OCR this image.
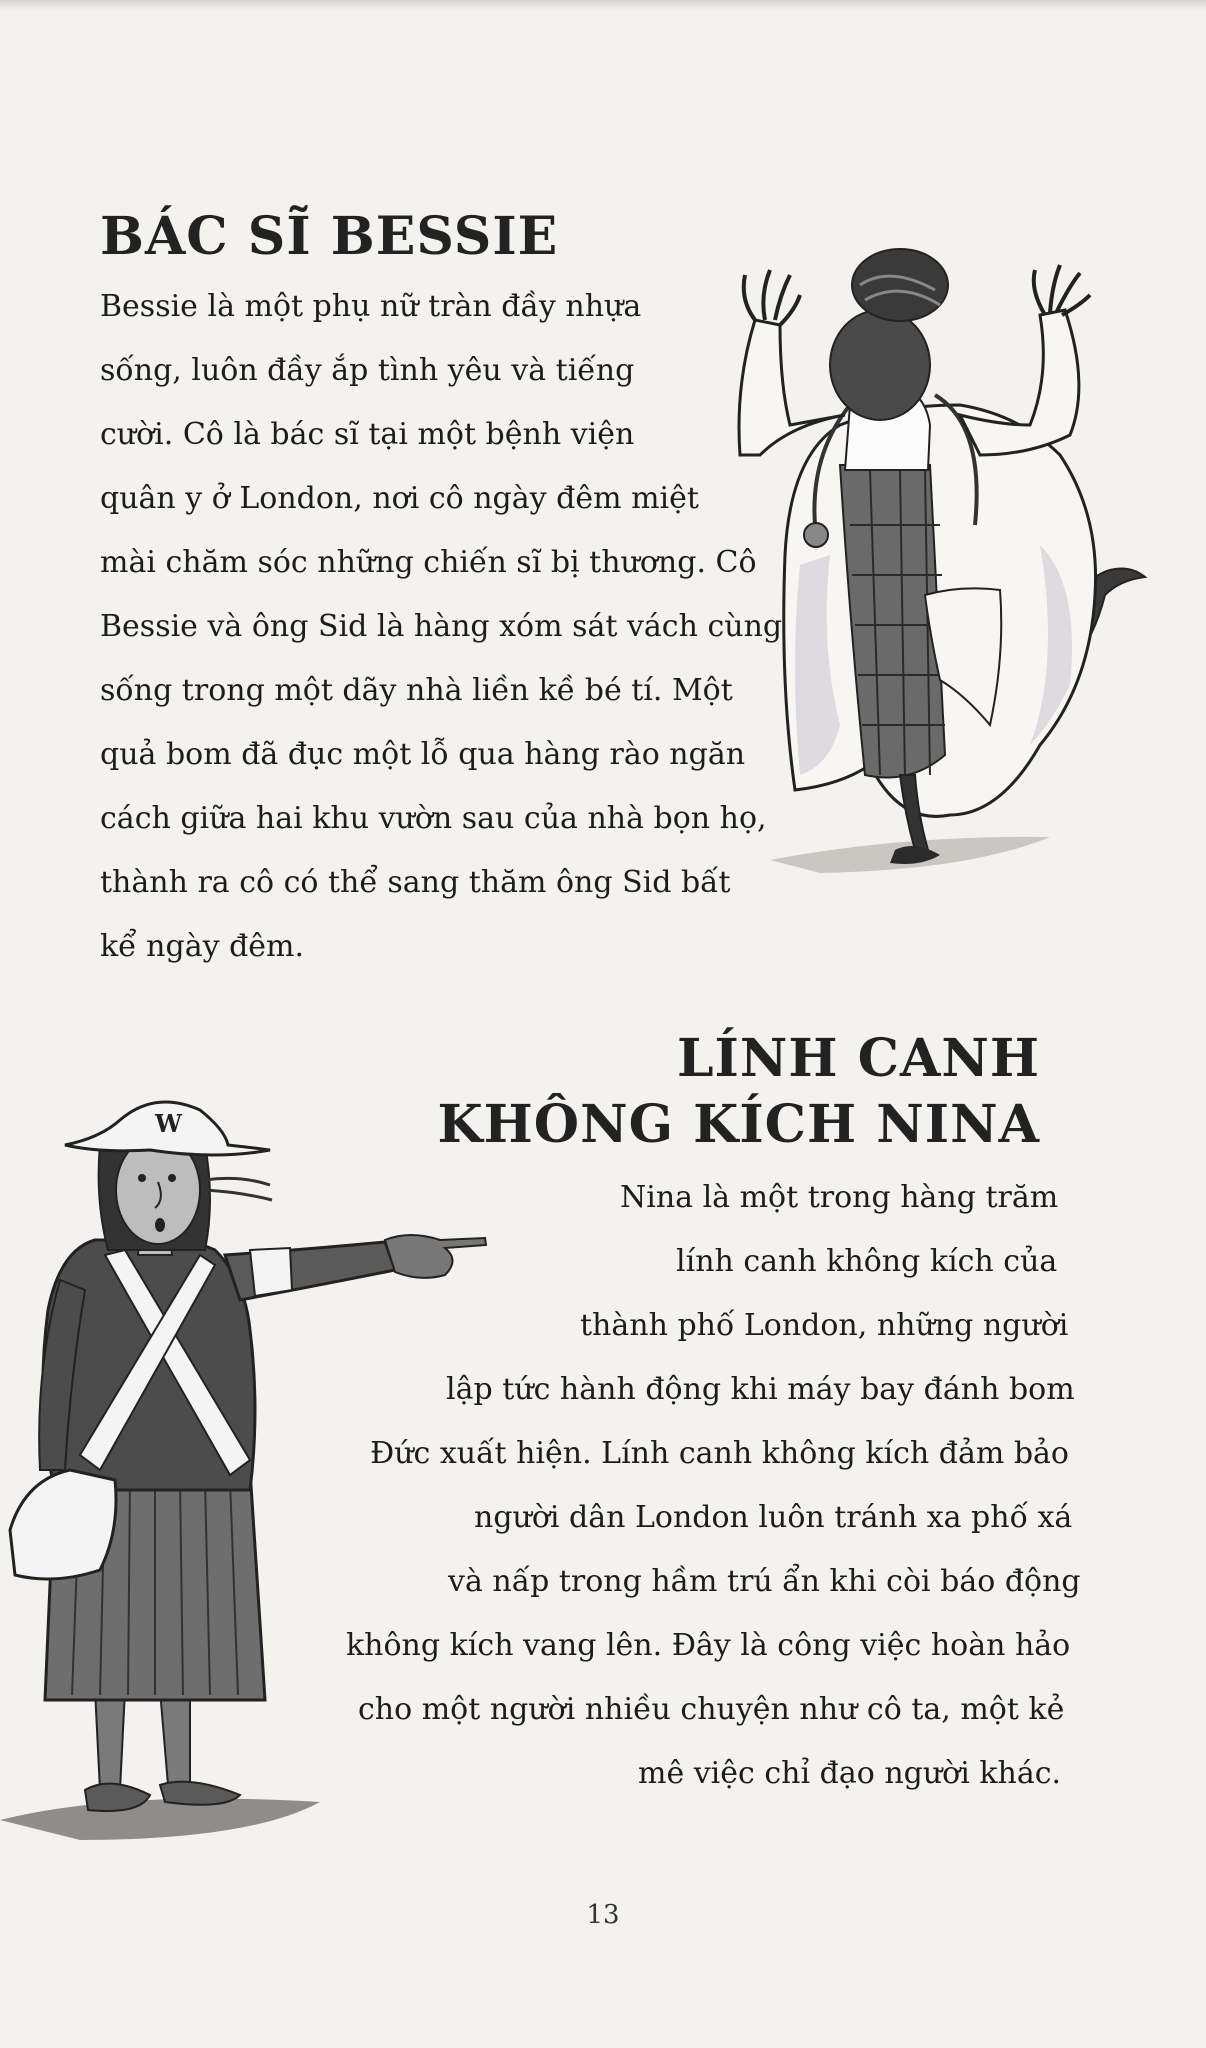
BÁC SĨ BESSIE
Bessie là một phụ nữ tràn đầy nhựa
sống, luôn đầy ắp tình yêu và tiếng
cười. Cô là bác sĩ tại một bệnh viện
quân y ở London, nơi cô ngày đêm miệt
mài chăm sóc những chiến sĩ bị thương. Cô
Bessie và ông Sid là hàng xóm sát vách cùng
sống trong một dãy nhà liền kề bé tí. Một
quả bom đã đục một lỗ qua hàng rào ngăn
cách giữa hai khu vườn sau của nhà bọn họ,
thành ra cô có thể sang thăm ông Sid bất
kể ngày đêm.
LÍNH CANH
KHÔNG KÍCH NINA
Nina là một trong hàng trăm
lính canh không kích của
thành phố London, những người
lập tức hành động khi máy bay đánh bom
Đức xuất hiện. Lính canh không kích đảm bảo
người dân London luôn tránh xa phố xá
và nấp trong hầm trú ẩn khi còi báo động
không kích vang lên. Đây là công việc hoàn hảo
cho một người nhiều chuyện như cô ta, một kẻ
mê việc chỉ đạo người khác.
W
13
